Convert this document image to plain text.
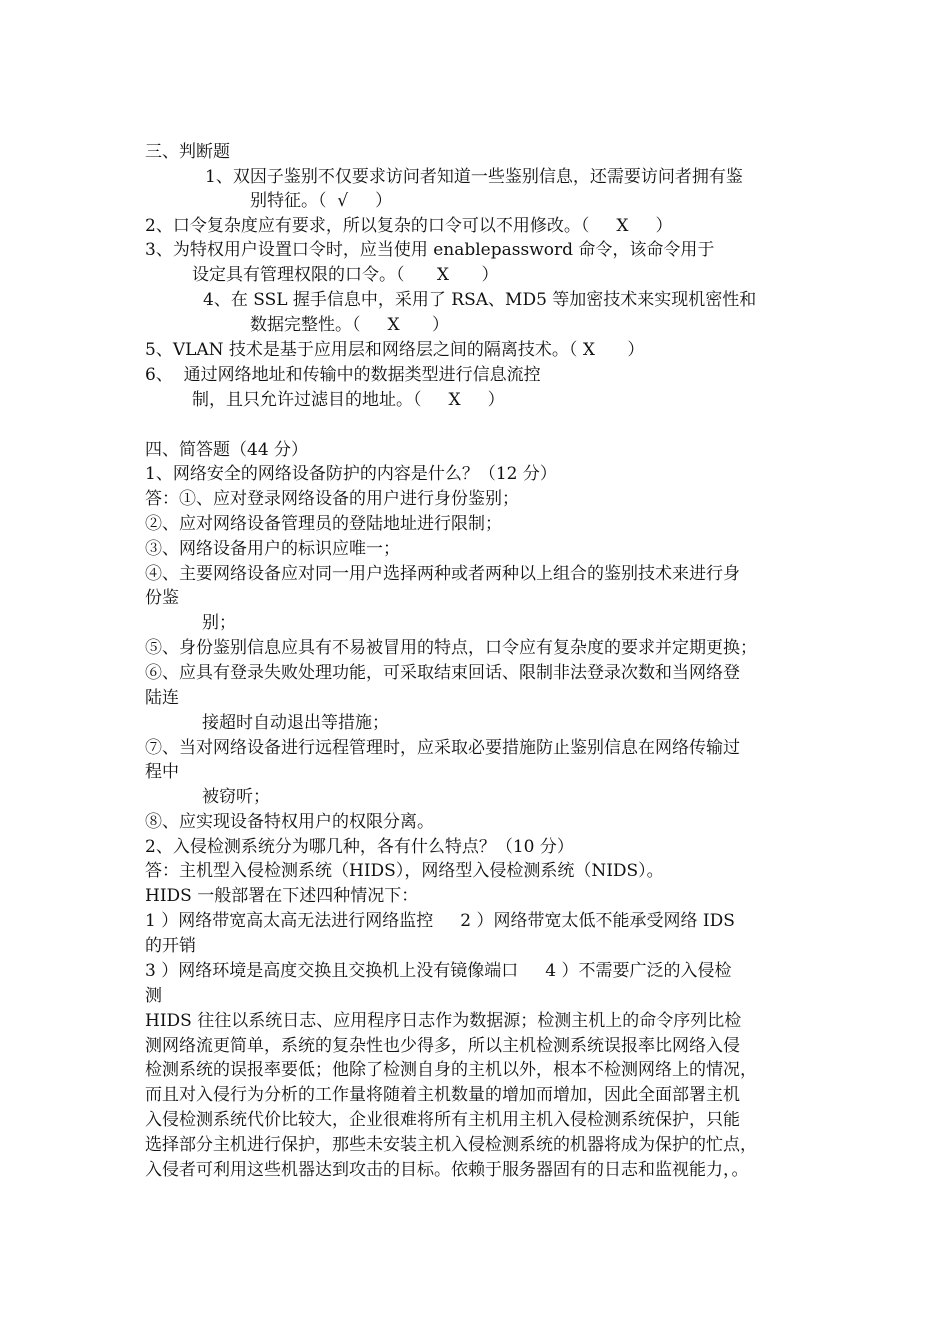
三、判断题
1、双因子鉴别不仅要求访问者知道一些鉴别信息，还需要访问者拥有鉴
别特征。（  √     ）
2、口令复杂度应有要求，所以复杂的口令可以不用修改。（     X     ）
3、为特权用户设置口令时，应当使用 enablepassword 命令，该命令用于
设定具有管理权限的口令。（      X      ）
4、在 SSL 握手信息中，采用了 RSA、MD5 等加密技术来实现机密性和
数据完整性。（     X      ）
5、VLAN 技术是基于应用层和网络层之间的隔离技术。（ X      ）
6、  通过网络地址和传输中的数据类型进行信息流控
制，且只允许过滤目的地址。（     X     ）
四、简答题（44 分）
1、网络安全的网络设备防护的内容是什么？（12 分）
答：①、应对登录网络设备的用户进行身份鉴别；
②、应对网络设备管理员的登陆地址进行限制；
③、网络设备用户的标识应唯一；
④、主要网络设备应对同一用户选择两种或者两种以上组合的鉴别技术来进行身
份鉴
别；
⑤、身份鉴别信息应具有不易被冒用的特点，口令应有复杂度的要求并定期更换；
⑥、应具有登录失败处理功能，可采取结束回话、限制非法登录次数和当网络登
陆连
接超时自动退出等措施；
⑦、当对网络设备进行远程管理时，应采取必要措施防止鉴别信息在网络传输过
程中
被窃听；
⑧、应实现设备特权用户的权限分离。
2、入侵检测系统分为哪几种，各有什么特点？（10 分）
答：主机型入侵检测系统（HIDS），网络型入侵检测系统（NIDS）。
HIDS 一般部署在下述四种情况下：
1 ）网络带宽高太高无法进行网络监控     2 ）网络带宽太低不能承受网络 IDS
的开销
3 ）网络环境是高度交换且交换机上没有镜像端口     4 ）不需要广泛的入侵检
测
HIDS 往往以系统日志、应用程序日志作为数据源；检测主机上的命令序列比检
测网络流更简单，系统的复杂性也少得多，所以主机检测系统误报率比网络入侵
检测系统的误报率要低；他除了检测自身的主机以外，根本不检测网络上的情况，
而且对入侵行为分析的工作量将随着主机数量的增加而增加，因此全面部署主机
入侵检测系统代价比较大，企业很难将所有主机用主机入侵检测系统保护，只能
选择部分主机进行保护，那些未安装主机入侵检测系统的机器将成为保护的忙点，
入侵者可利用这些机器达到攻击的目标。依赖于服务器固有的日志和监视能力，。
